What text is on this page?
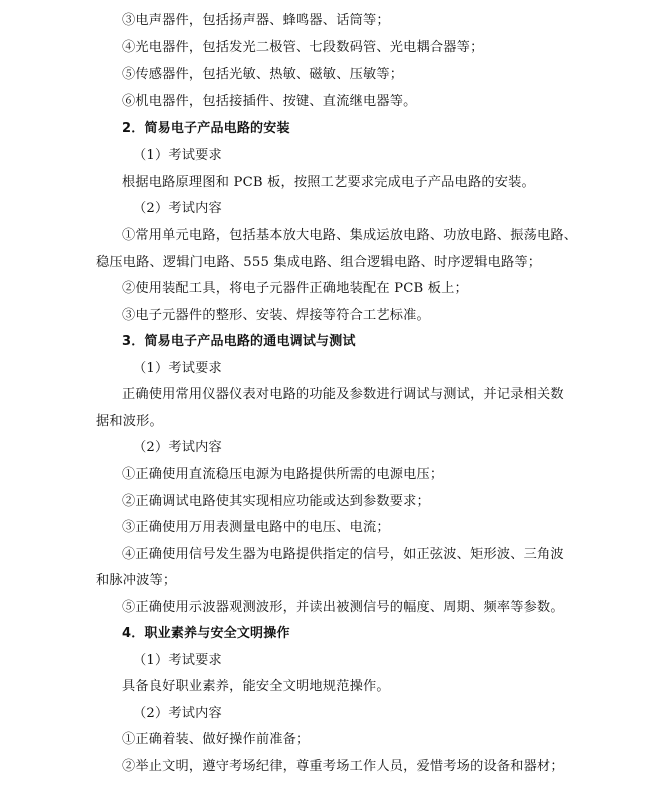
③电声器件，包括扬声器、蜂鸣器、话筒等；
④光电器件，包括发光二极管、七段数码管、光电耦合器等；
⑤传感器件，包括光敏、热敏、磁敏、压敏等；
⑥机电器件，包括接插件、按键、直流继电器等。
2．简易电子产品电路的安装
（1）考试要求
根据电路原理图和 PCB 板，按照工艺要求完成电子产品电路的安装。
（2）考试内容
①常用单元电路，包括基本放大电路、集成运放电路、功放电路、振荡电路、
稳压电路、逻辑门电路、555 集成电路、组合逻辑电路、时序逻辑电路等；
②使用装配工具，将电子元器件正确地装配在 PCB 板上；
③电子元器件的整形、安装、焊接等符合工艺标准。
3．简易电子产品电路的通电调试与测试
（1）考试要求
正确使用常用仪器仪表对电路的功能及参数进行调试与测试，并记录相关数
据和波形。
（2）考试内容
①正确使用直流稳压电源为电路提供所需的电源电压；
②正确调试电路使其实现相应功能或达到参数要求；
③正确使用万用表测量电路中的电压、电流；
④正确使用信号发生器为电路提供指定的信号，如正弦波、矩形波、三角波
和脉冲波等；
⑤正确使用示波器观测波形，并读出被测信号的幅度、周期、频率等参数。
4．职业素养与安全文明操作
（1）考试要求
具备良好职业素养，能安全文明地规范操作。
（2）考试内容
①正确着装、做好操作前准备；
②举止文明，遵守考场纪律，尊重考场工作人员，爱惜考场的设备和器材；
